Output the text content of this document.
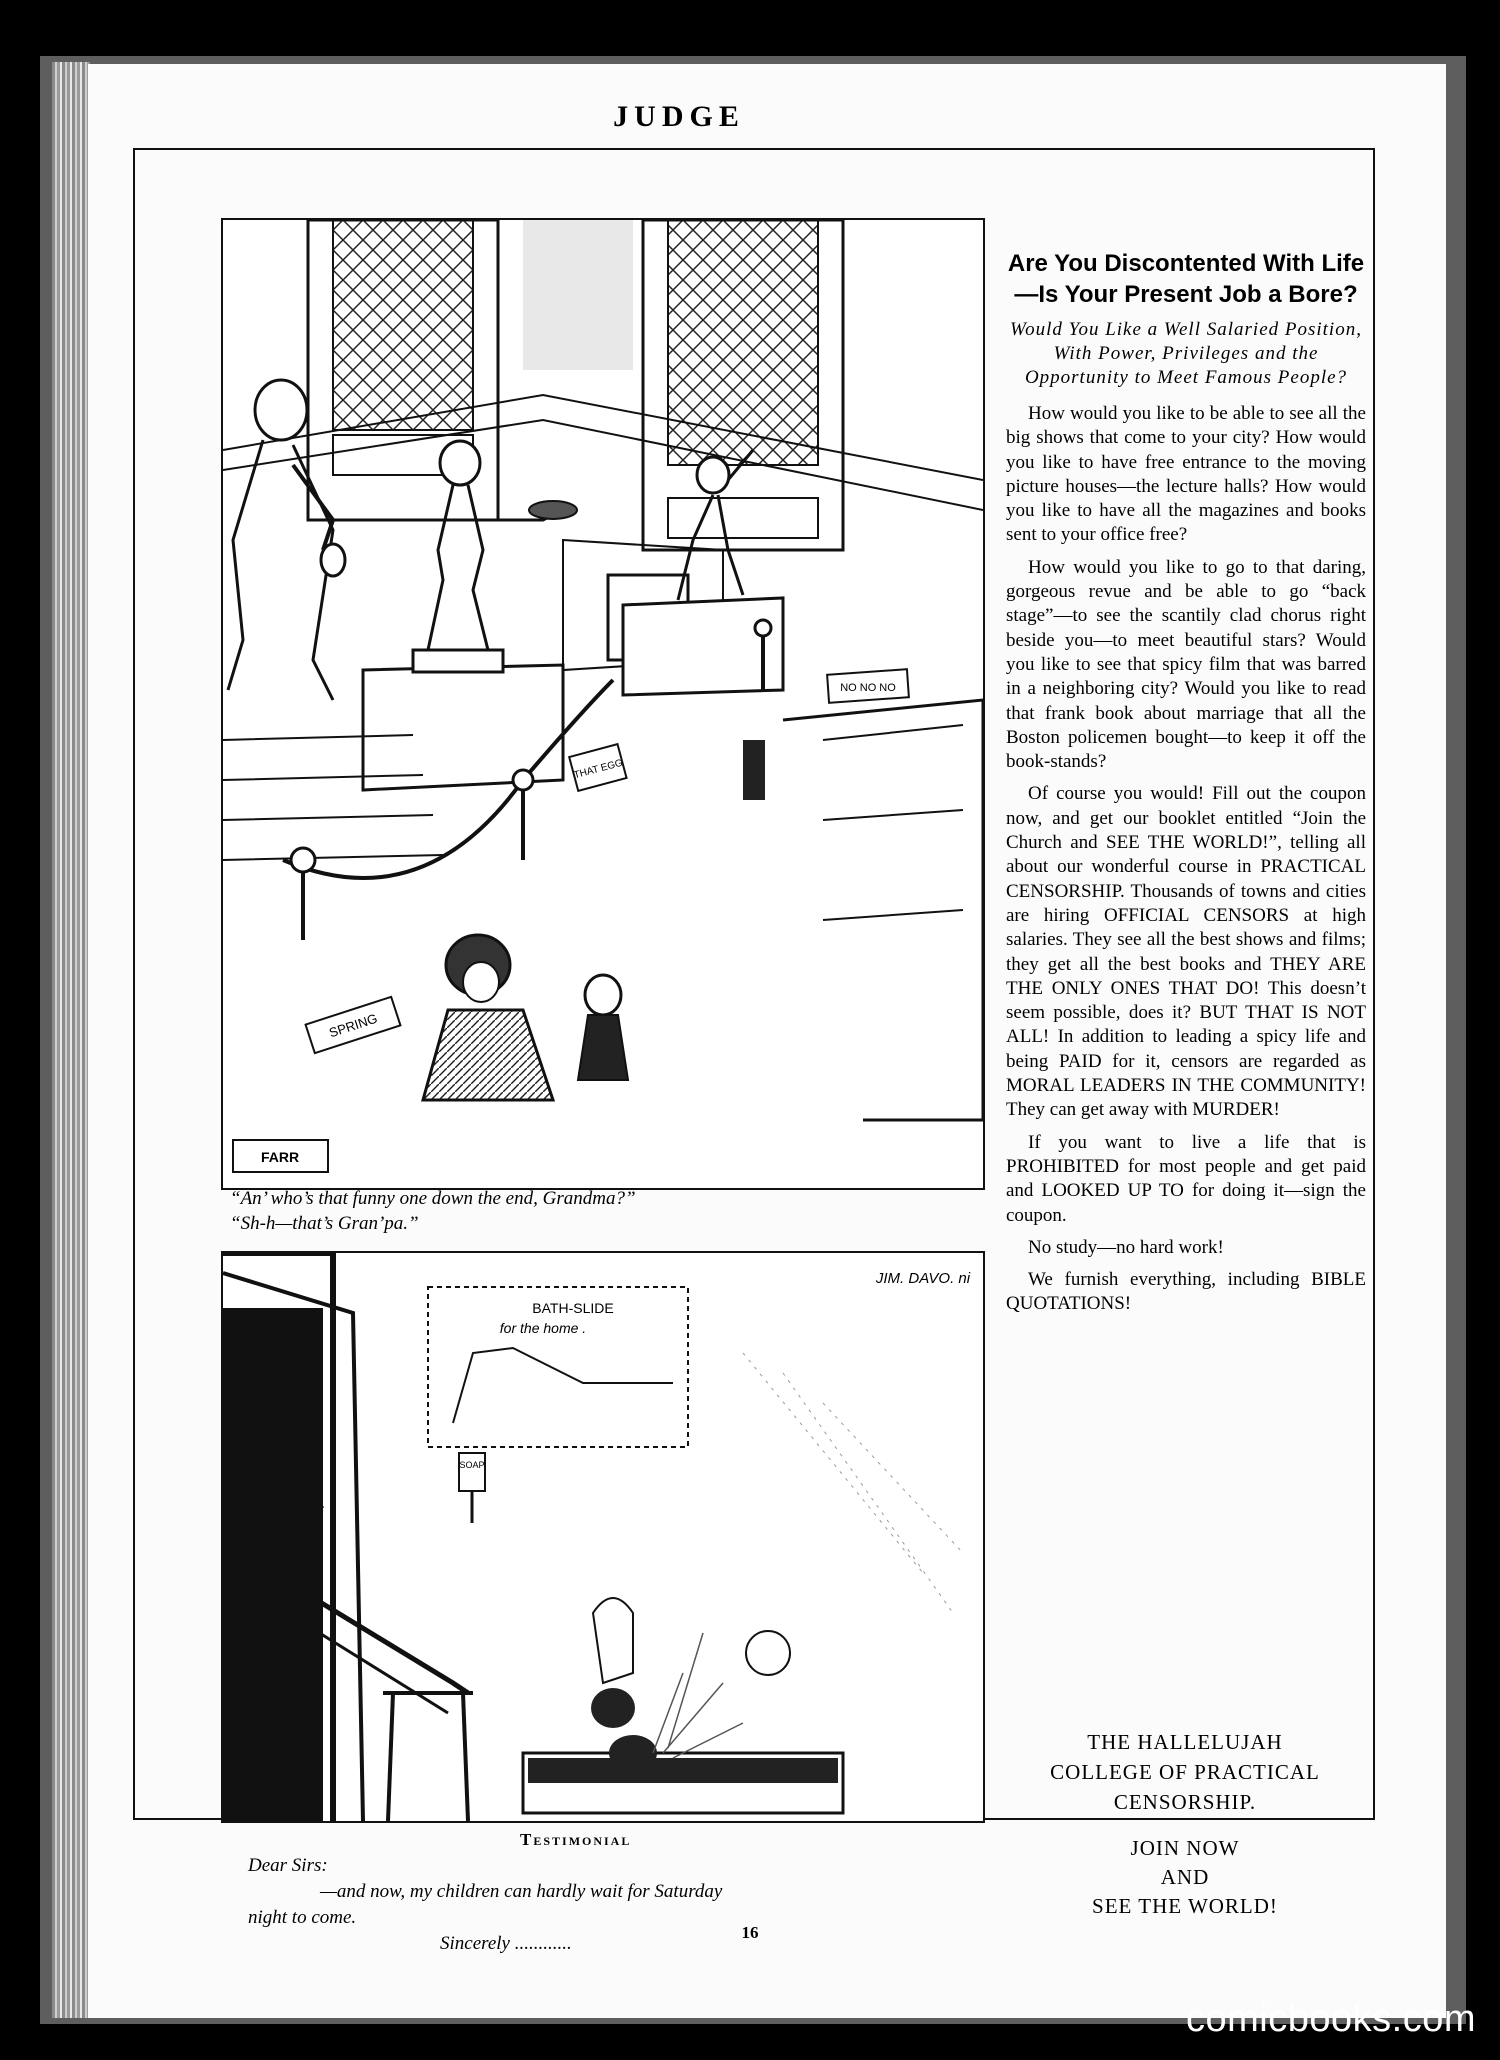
JUDGE
NO NO NO
THAT EGG
SPRING
FARR
“An’ who’s that funny one down the end, Grandma?”
“Sh-h—that’s Gran’pa.”
BATH-SLIDE
for the home .
SOAP
JIM. DAVO. ni
Testimonial
Dear Sirs:
—and now, my children can hardly wait for Saturday
night to come.
Sincerely ............
Are You Discontented With Life—Is Your Present Job a Bore?
Would You Like a Well Salaried Position, With Power, Privileges and the Opportunity to Meet Famous People?

How would you like to be able to see all the big shows that come to your city? How would you like to have free entrance to the moving picture houses—the lecture halls? How would you like to have all the magazines and books sent to your office free?

How would you like to go to that daring, gorgeous revue and be able to go “back stage”—to see the scantily clad chorus right beside you—to meet beautiful stars? Would you like to see that spicy film that was barred in a neighboring city? Would you like to read that frank book about marriage that all the Boston policemen bought—to keep it off the book-stands?

Of course you would! Fill out the coupon now, and get our booklet entitled “Join the Church and SEE THE WORLD!”, telling all about our wonderful course in PRACTICAL CENSORSHIP. Thousands of towns and cities are hiring OFFICIAL CENSORS at high salaries. They see all the best shows and films; they get all the best books and THEY ARE THE ONLY ONES THAT DO! This doesn’t seem possible, does it? BUT THAT IS NOT ALL! In addition to leading a spicy life and being PAID for it, censors are regarded as MORAL LEADERS IN THE COMMUNITY! They can get away with MURDER!

If you want to live a life that is PROHIBITED for most people and get paid and LOOKED UP TO for doing it—sign the coupon.

No study—no hard work!

We furnish everything, including BIBLE QUOTATIONS!

THE HALLELUJAH
COLLEGE OF PRACTICAL
CENSORSHIP.
JOIN NOW
AND
SEE THE WORLD!
16
comicbooks.com
